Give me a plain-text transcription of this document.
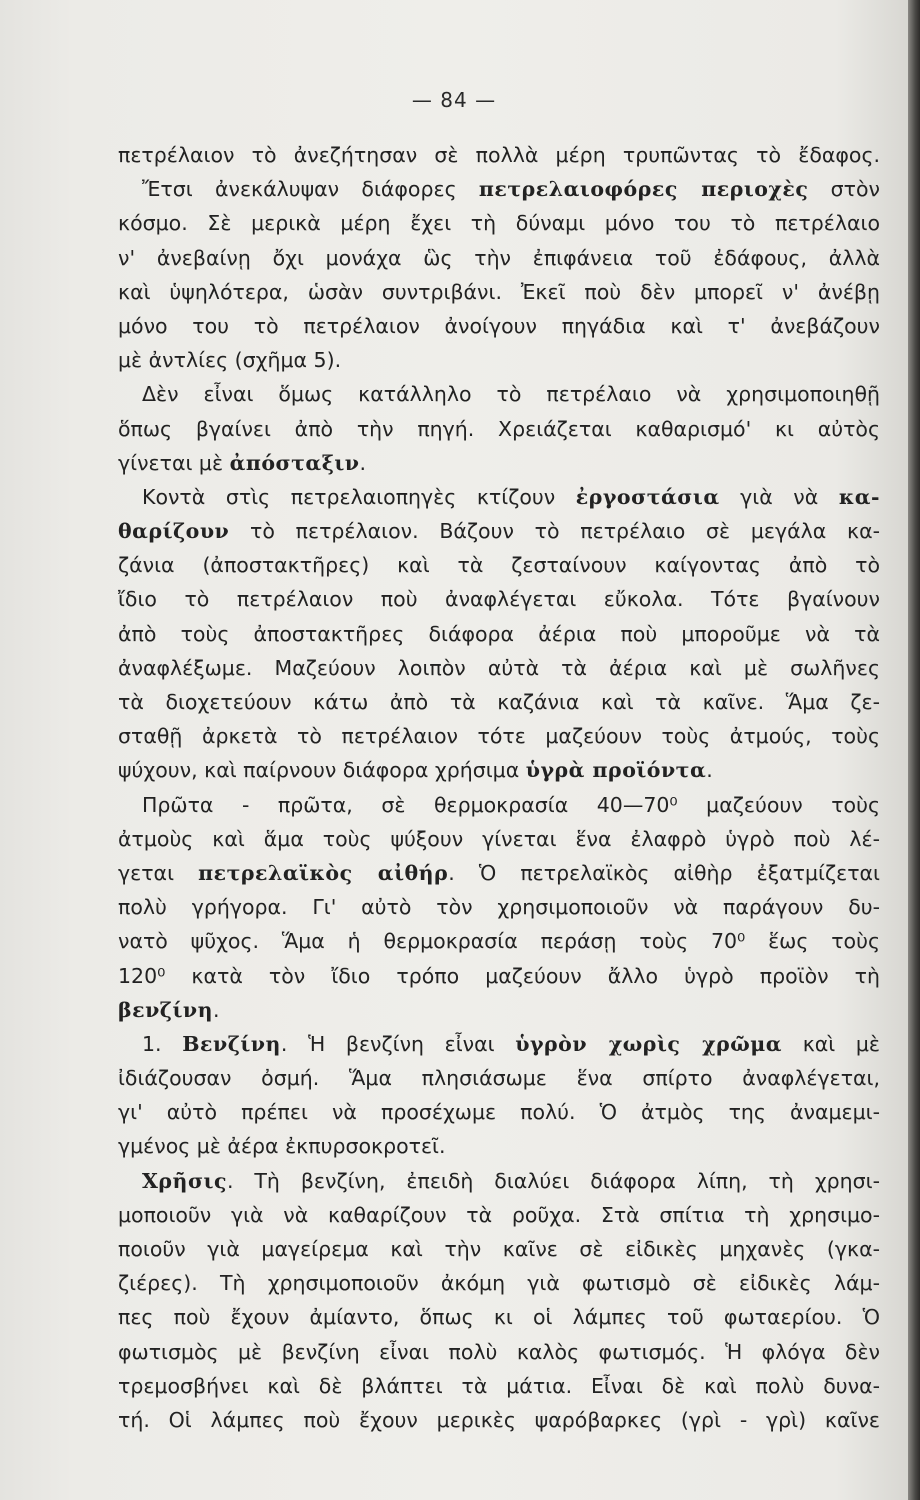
— 84 —
πετρέλαιον τὸ ἀνεζήτησαν σὲ πολλὰ μέρη τρυπῶντας τὸ ἔδαφος.
Ἔτσι ἀνεκάλυψαν διάφορες πετρελαιοφόρες περιοχὲς στὸν
κόσμο. Σὲ μερικὰ μέρη ἔχει τὴ δύναμι μόνο του τὸ πετρέλαιο
ν' ἀνεβαίνῃ ὄχι μονάχα ὣς τὴν ἐπιφάνεια τοῦ ἐδάφους, ἀλλὰ
καὶ ὑψηλότερα, ὡσὰν συντριβάνι. Ἐκεῖ ποὺ δὲν μπορεῖ ν' ἀνέβῃ
μόνο του τὸ πετρέλαιον ἀνοίγουν πηγάδια καὶ τ' ἀνεβάζουν
μὲ ἀντλίες (σχῆμα 5).
Δὲν εἶναι ὅμως κατάλληλο τὸ πετρέλαιο νὰ χρησιμοποιηθῇ
ὅπως βγαίνει ἀπὸ τὴν πηγή. Χρειάζεται καθαρισμό' κι αὐτὸς
γίνεται μὲ ἀπόσταξιν.
Κοντὰ στὶς πετρελαιοπηγὲς κτίζουν ἐργοστάσια γιὰ νὰ κα-
θαρίζουν τὸ πετρέλαιον. Βάζουν τὸ πετρέλαιο σὲ μεγάλα κα-
ζάνια (ἀποστακτῆρες) καὶ τὰ ζεσταίνουν καίγοντας ἀπὸ τὸ
ἴδιο τὸ πετρέλαιον ποὺ ἀναφλέγεται εὔκολα. Τότε βγαίνουν
ἀπὸ τοὺς ἀποστακτῆρες διάφορα ἀέρια ποὺ μποροῦμε νὰ τὰ
ἀναφλέξωμε. Μαζεύουν λοιπὸν αὐτὰ τὰ ἀέρια καὶ μὲ σωλῆνες
τὰ διοχετεύουν κάτω ἀπὸ τὰ καζάνια καὶ τὰ καῖνε. Ἅμα ζε-
σταθῇ ἀρκετὰ τὸ πετρέλαιον τότε μαζεύουν τοὺς ἀτμούς, τοὺς
ψύχουν, καὶ παίρνουν διάφορα χρήσιμα ὑγρὰ προϊόντα.
Πρῶτα - πρῶτα, σὲ θερμοκρασία 40—70⁰ μαζεύουν τοὺς
ἀτμοὺς καὶ ἅμα τοὺς ψύξουν γίνεται ἕνα ἐλαφρὸ ὑγρὸ ποὺ λέ-
γεται πετρελαϊκὸς αἰθήρ. Ὁ πετρελαϊκὸς αἰθὴρ ἐξατμίζεται
πολὺ γρήγορα. Γι' αὐτὸ τὸν χρησιμοποιοῦν νὰ παράγουν δυ-
νατὸ ψῦχος. Ἅμα ἡ θερμοκρασία περάσῃ τοὺς 70⁰ ἕως τοὺς
120⁰ κατὰ τὸν ἴδιο τρόπο μαζεύουν ἄλλο ὑγρὸ προϊὸν τὴ
βενζίνη.
1. Βενζίνη. Ἡ βενζίνη εἶναι ὑγρὸν χωρὶς χρῶμα καὶ μὲ
ἰδιάζουσαν ὀσμή. Ἅμα πλησιάσωμε ἕνα σπίρτο ἀναφλέγεται,
γι' αὐτὸ πρέπει νὰ προσέχωμε πολύ. Ὁ ἀτμὸς της ἀναμεμι-
γμένος μὲ ἀέρα ἐκπυρσοκροτεῖ.
Χρῆσις. Τὴ βενζίνη, ἐπειδὴ διαλύει διάφορα λίπη, τὴ χρησι-
μοποιοῦν γιὰ νὰ καθαρίζουν τὰ ροῦχα. Στὰ σπίτια τὴ χρησιμο-
ποιοῦν γιὰ μαγείρεμα καὶ τὴν καῖνε σὲ εἰδικὲς μηχανὲς (γκα-
ζιέρες). Τὴ χρησιμοποιοῦν ἀκόμη γιὰ φωτισμὸ σὲ εἰδικὲς λάμ-
πες ποὺ ἔχουν ἀμίαντο, ὅπως κι οἱ λάμπες τοῦ φωταερίου. Ὁ
φωτισμὸς μὲ βενζίνη εἶναι πολὺ καλὸς φωτισμός. Ἡ φλόγα δὲν
τρεμοσβήνει καὶ δὲ βλάπτει τὰ μάτια. Εἶναι δὲ καὶ πολὺ δυνα-
τή. Οἱ λάμπες ποὺ ἔχουν μερικὲς ψαρόβαρκες (γρὶ - γρὶ) καῖνε
